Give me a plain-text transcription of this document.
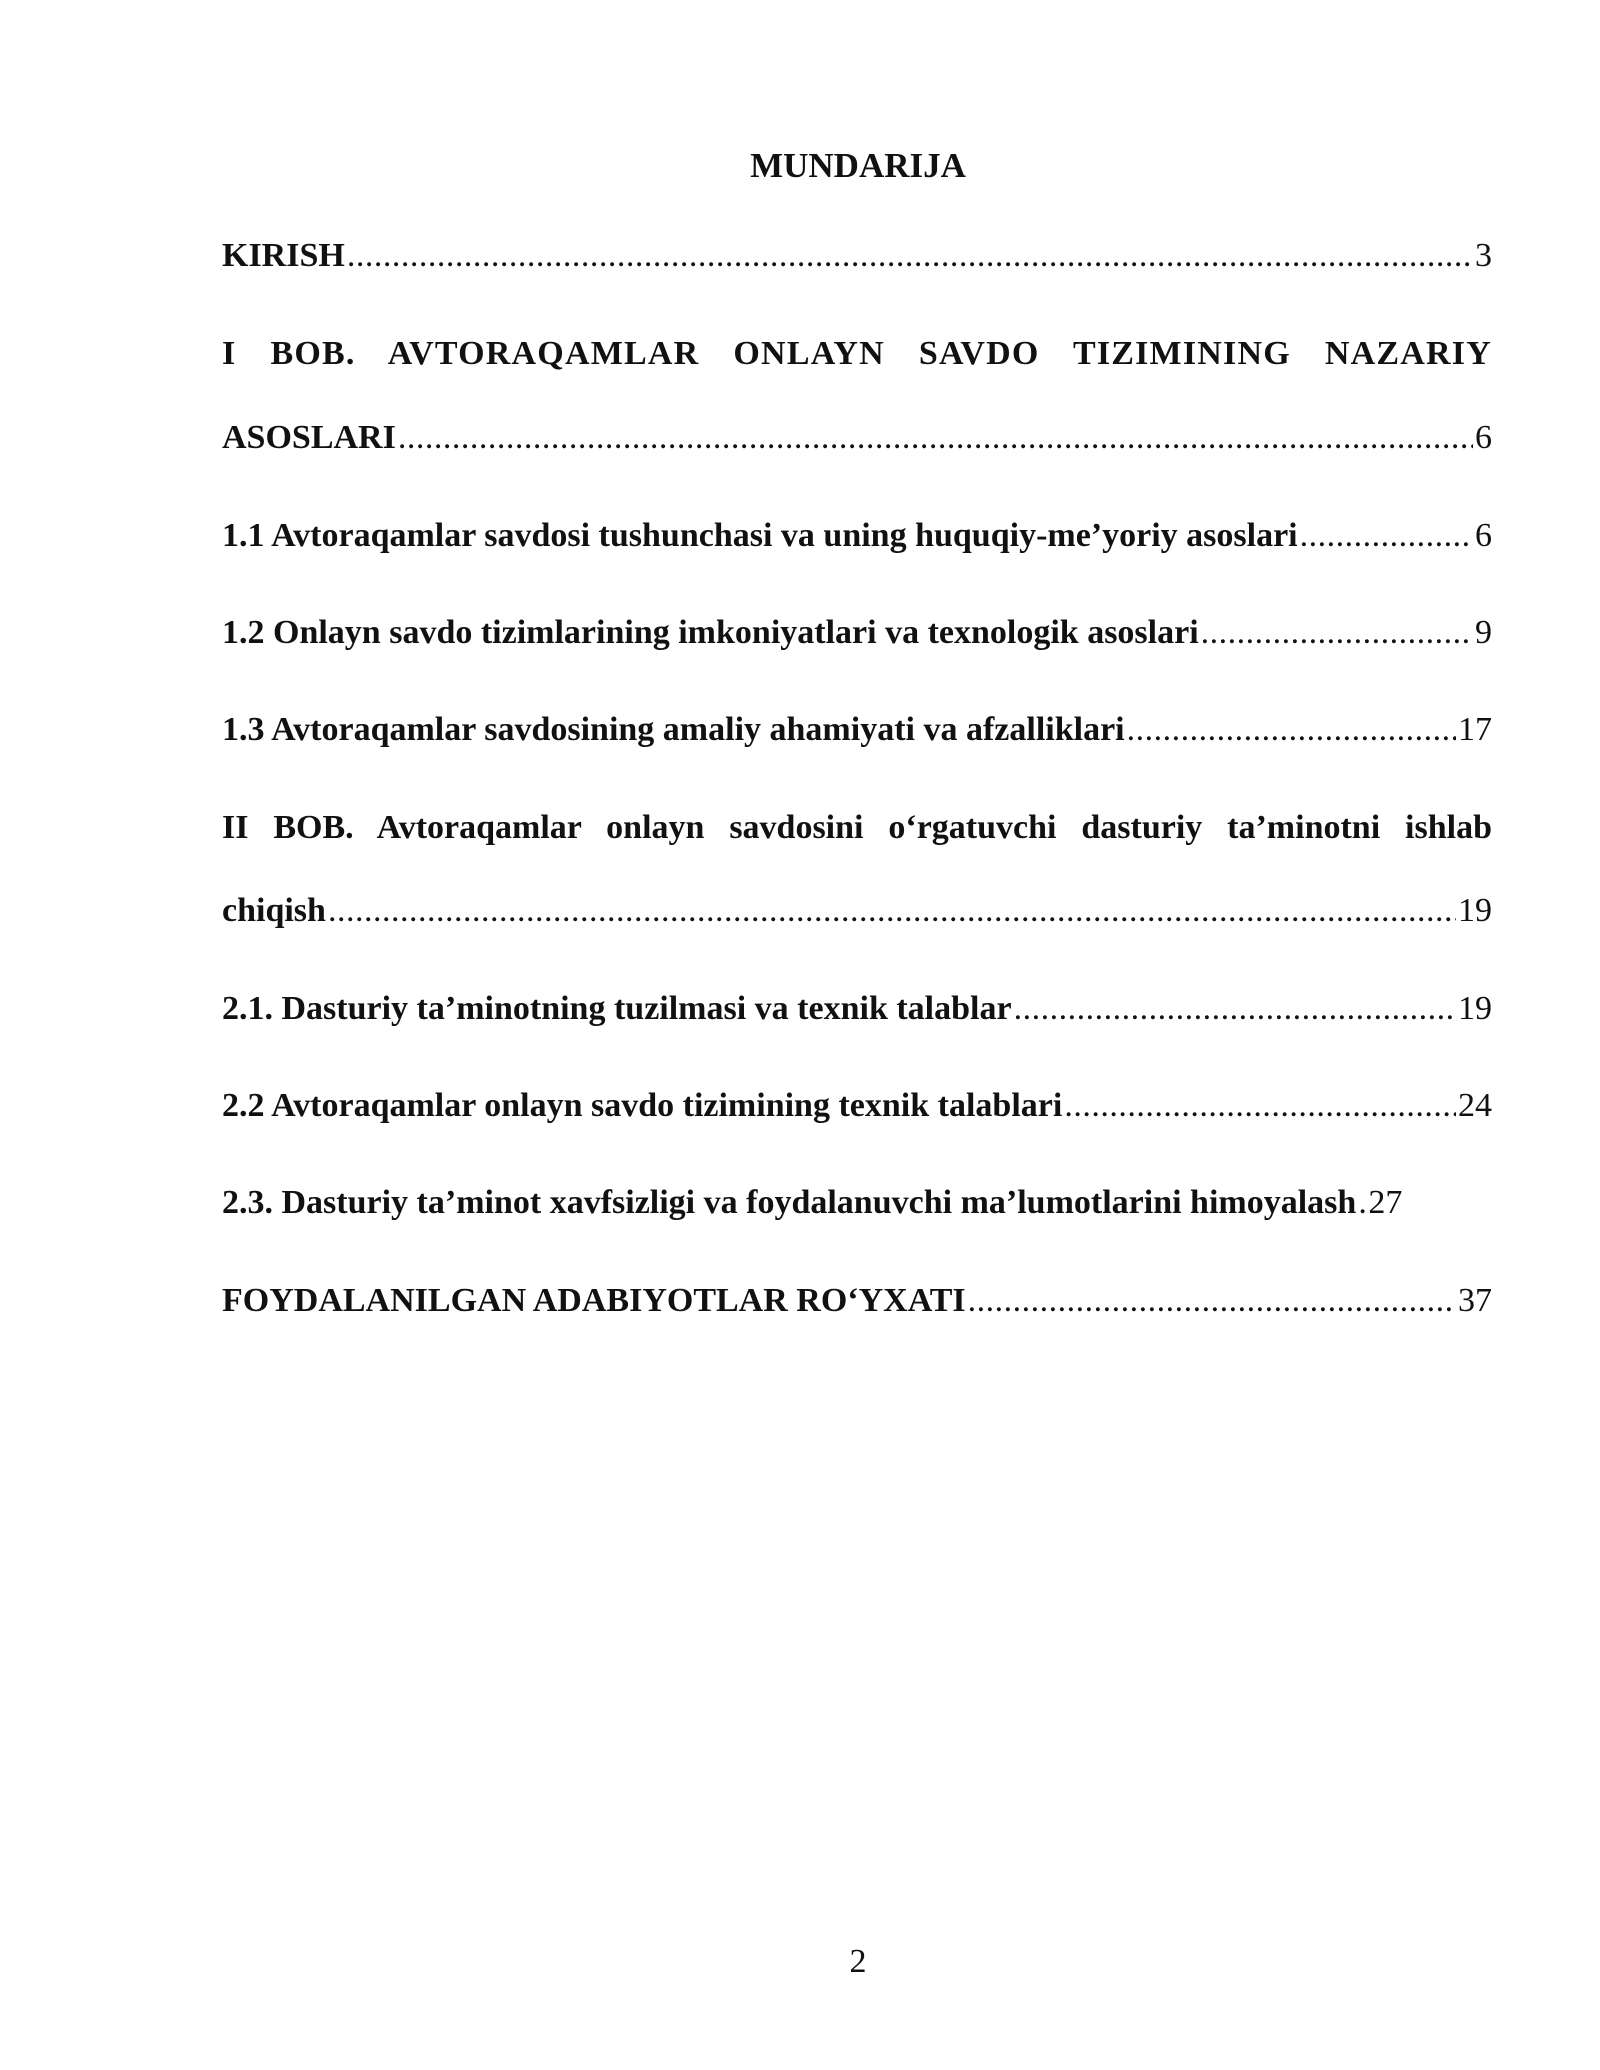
MUNDARIJA
KIRISH .....	3
I BOB. AVTORAQAMLAR ONLAYN SAVDO TIZIMINING NAZARIY
ASOSLARI .....	6
1.1 Avtoraqamlar savdosi tushunchasi va uning huquqiy-me’yoriy asoslari .....	6
1.2 Onlayn savdo tizimlarining imkoniyatlari va texnologik asoslari .....	9
1.3 Avtoraqamlar savdosining amaliy ahamiyati va afzalliklari .....	17
II BOB. Avtoraqamlar onlayn savdosini o‘rgatuvchi dasturiy ta’minotni ishlab
chiqish .....	19
2.1. Dasturiy ta’minotning tuzilmasi va texnik talablar .....	19
2.2 Avtoraqamlar onlayn savdo tizimining texnik talablari .....	24
2.3. Dasturiy ta’minot xavfsizligi va foydalanuvchi ma’lumotlarini himoyalash ..... 27
FOYDALANILGAN ADABIYOTLAR RO‘YXATI .....	37
2
